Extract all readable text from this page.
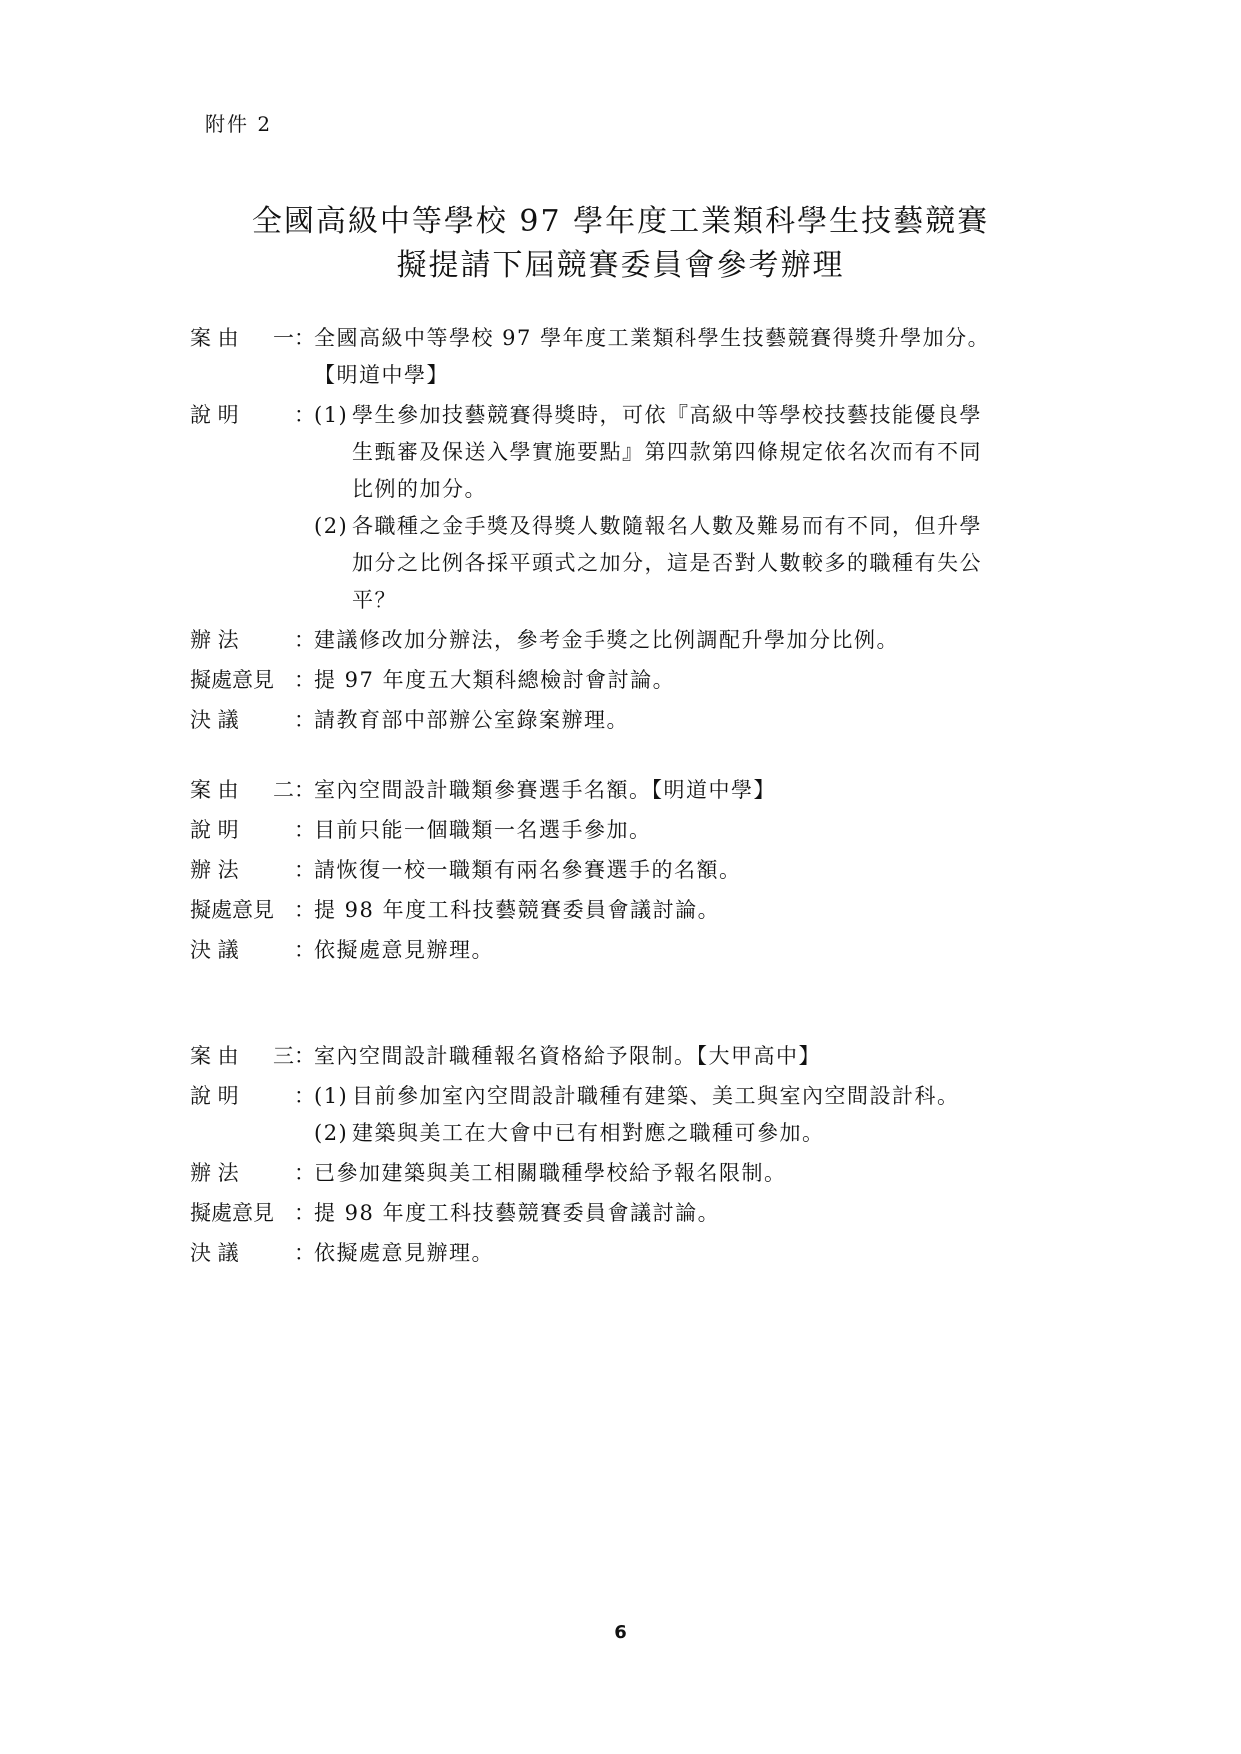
附件 2
全國高級中等學校 97 學年度工業類科學生技藝競賽
擬提請下屆競賽委員會參考辦理
案 由 一 ： 全國高級中等學校 97 學年度工業類科學生技藝競賽得獎升學加分。
【明道中學】
說 明	： (1) 學生參加技藝競賽得獎時，可依『高級中等學校技藝技能優良學
生甄審及保送入學實施要點』第四款第四條規定依名次而有不同
比例的加分。
(2) 各職種之金手獎及得獎人數隨報名人數及難易而有不同，但升學
加分之比例各採平頭式之加分，這是否對人數較多的職種有失公
平？
辦 法	： 建議修改加分辦法，參考金手獎之比例調配升學加分比例。
擬處意見 ： 提 97 年度五大類科總檢討會討論。
決 議	： 請教育部中部辦公室錄案辦理。
案 由 二 ： 室內空間設計職類參賽選手名額。【明道中學】
說 明	： 目前只能一個職類一名選手參加。
辦 法	： 請恢復一校一職類有兩名參賽選手的名額。
擬處意見 ： 提 98 年度工科技藝競賽委員會議討論。
決 議	： 依擬處意見辦理。
案 由 三 ： 室內空間設計職種報名資格給予限制。【大甲高中】
說 明	： (1) 目前參加室內空間設計職種有建築、美工與室內空間設計科。
(2) 建築與美工在大會中已有相對應之職種可參加。
辦 法	： 已參加建築與美工相關職種學校給予報名限制。
擬處意見 ： 提 98 年度工科技藝競賽委員會議討論。
決 議	： 依擬處意見辦理。
6
